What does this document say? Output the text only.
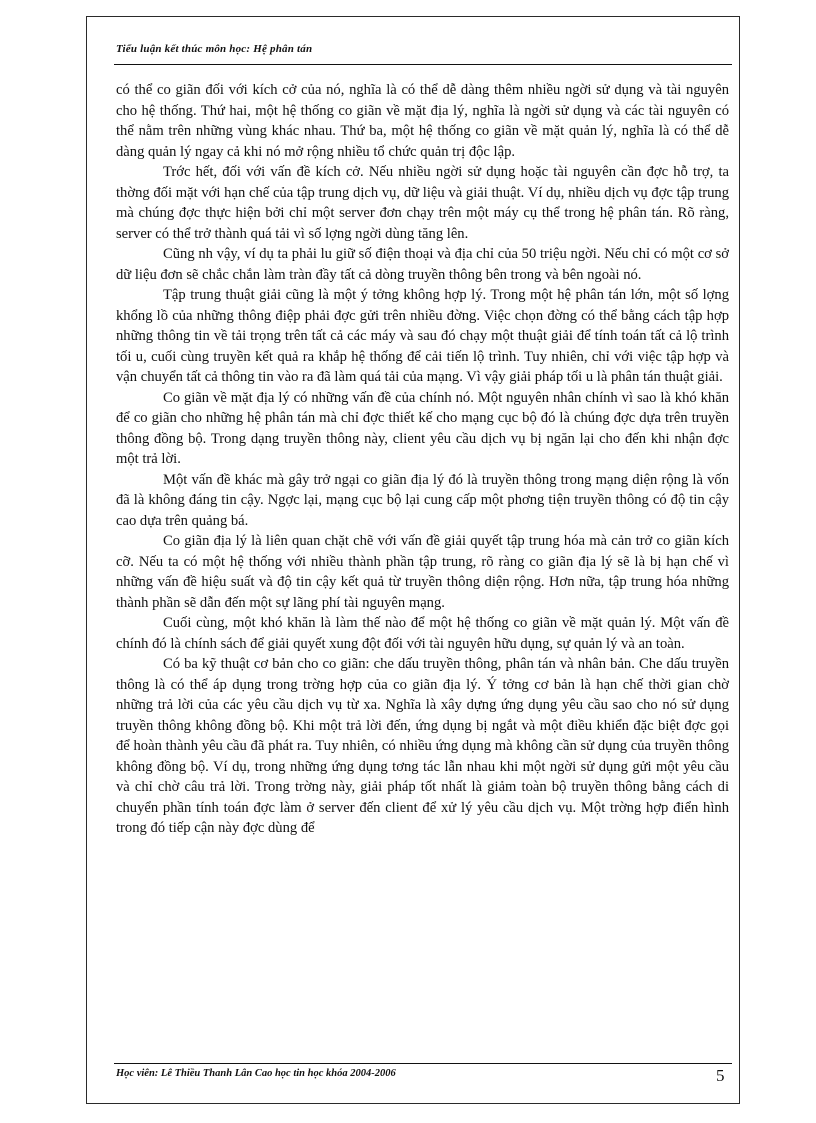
Tiểu luận kết thúc môn học: Hệ phân tán

có thể co giãn đối với kích cở của nó, nghĩa là có thể dễ dàng thêm nhiều ngời sử dụng và tài nguyên cho hệ thống. Thứ hai, một hệ thống co giãn về mặt địa lý, nghĩa là ngời sử dụng và các tài nguyên có thể nằm trên những vùng khác nhau. Thứ ba, một hệ thống co giãn về mặt quản lý, nghĩa là có thể dễ dàng quản lý ngay cả khi nó mở rộng nhiều tổ chức quản trị độc lập.

Trớc hết, đối với vấn đề kích cở. Nếu nhiều ngời sử dụng hoặc tài nguyên cần đợc hỗ trợ, ta thờng đối mặt với hạn chế của tập trung dịch vụ, dữ liệu và giải thuật. Ví dụ, nhiều dịch vụ đợc tập trung mà chúng đợc thực hiện bởi chỉ một server đơn chạy trên một máy cụ thể trong hệ phân tán. Rõ ràng, server có thể trở thành quá tải vì số lợng ngời dùng tăng lên.

Cũng nh vậy, ví dụ ta phải lu giữ số điện thoại và địa chỉ của 50 triệu ngời. Nếu chỉ có một cơ sở dữ liệu đơn sẽ chắc chắn làm tràn đầy tất cả dòng truyền thông bên trong và bên ngoài nó.

Tập trung thuật giải cũng là một ý tởng không hợp lý. Trong một hệ phân tán lớn, một số lợng khổng lồ của những thông điệp phải đợc gửi trên nhiều đờng. Việc chọn đờng có thể bằng cách tập hợp những thông tin về tải trọng trên tất cả các máy và sau đó chạy một thuật giải để tính toán tất cả lộ trình tối u, cuối cùng truyền kết quả ra khắp hệ thống để cải tiến lộ trình. Tuy nhiên, chỉ với việc tập hợp và vận chuyển tất cả thông tin vào ra đã làm quá tải của mạng. Vì vậy giải pháp tối u là phân tán thuật giải.

Co giãn về mặt địa lý có những vấn đề của chính nó. Một nguyên nhân chính vì sao là khó khăn để co giãn cho những hệ phân tán mà chỉ đợc thiết kế cho mạng cục bộ đó là chúng đợc dựa trên truyền thông đồng bộ. Trong dạng truyền thông này, client yêu cầu dịch vụ bị ngăn lại cho đến khi nhận đợc một trả lời.

Một vấn đề khác mà gây trở ngại co giãn địa lý đó là truyền thông trong mạng diện rộng là vốn đã là không đáng tin cậy. Ngợc lại, mạng cục bộ lại cung cấp một phơng tiện truyền thông có độ tin cậy cao dựa trên quảng bá.

Co giãn địa lý là liên quan chặt chẽ với vấn đề giải quyết tập trung hóa mà cản trở co giãn kích cỡ. Nếu ta có một hệ thống với nhiều thành phần tập trung, rõ ràng co giãn địa lý sẽ là bị hạn chế vì những vấn đề hiệu suất và độ tin cậy kết quả từ truyền thông diện rộng. Hơn nữa, tập trung hóa những thành phần sẽ dẫn đến một sự lãng phí tài nguyên mạng.

Cuối cùng, một khó khăn là làm thế nào để một hệ thống co giãn về mặt quản lý. Một vấn đề chính đó là chính sách để giải quyết xung đột đối với tài nguyên hữu dụng, sự quản lý và an toàn.

Có ba kỹ thuật cơ bản cho co giãn: che dấu truyền thông, phân tán và nhân bản. Che dấu truyền thông là có thể áp dụng trong trờng hợp của co giãn địa lý. Ý tởng cơ bản là hạn chế thời gian chờ những trả lời của các yêu cầu dịch vụ từ xa. Nghĩa là xây dựng ứng dụng yêu cầu sao cho nó sử dụng truyền thông không đồng bộ. Khi một trả lời đến, ứng dụng bị ngắt và một điều khiển đặc biệt đợc gọi để hoàn thành yêu cầu đã phát ra. Tuy nhiên, có nhiều ứng dụng mà không cần sử dụng của truyền thông không đồng bộ. Ví dụ, trong những ứng dụng tơng tác lẫn nhau khi một ngời sử dụng gửi một yêu cầu và chỉ chờ câu trả lời. Trong trờng này, giải pháp tốt nhất là giảm toàn bộ truyền thông bằng cách di chuyển phần tính toán đợc làm ở server đến client để xử lý yêu cầu dịch vụ. Một trờng hợp điển hình trong đó tiếp cận này đợc dùng để

Học viên: Lê Thiều Thanh Lân Cao học tin học khóa 2004-2006	5
